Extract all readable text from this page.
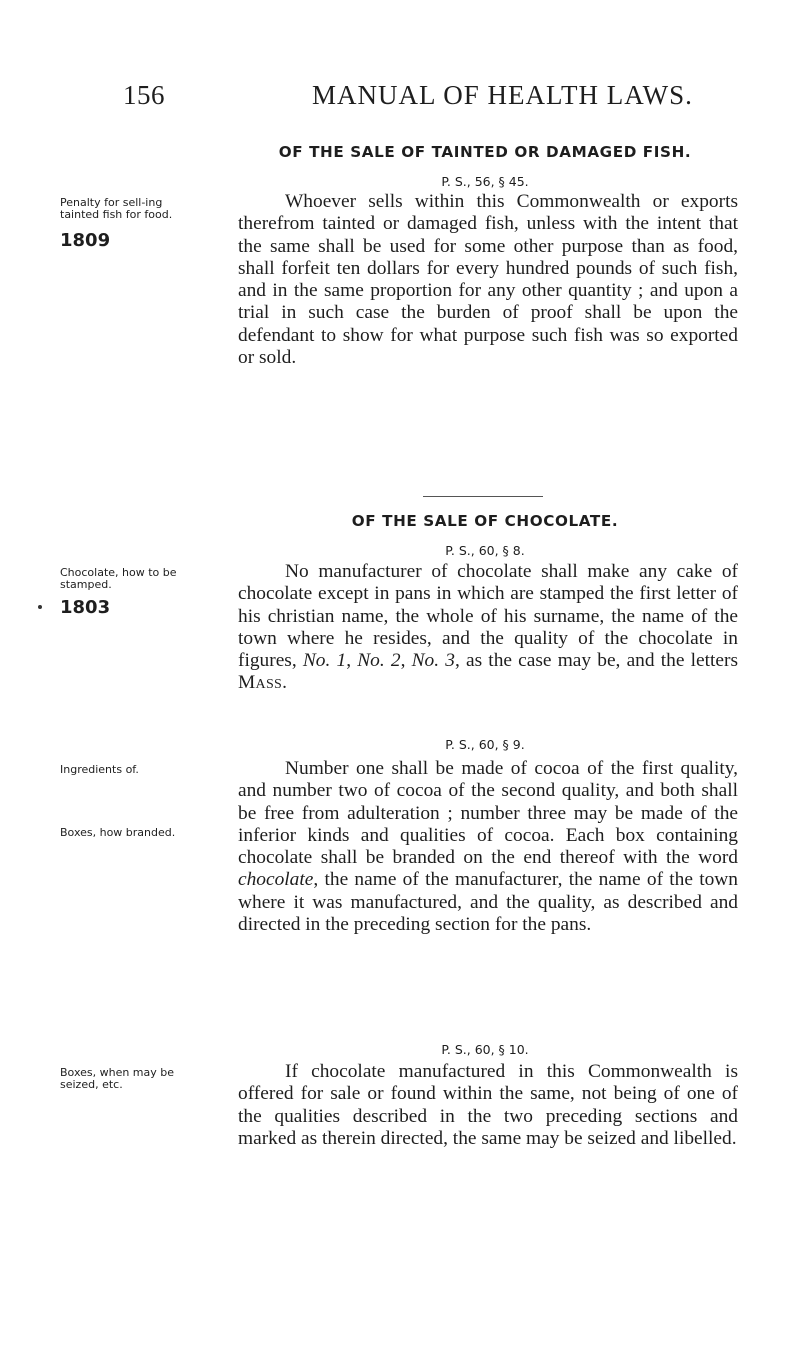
156	MANUAL OF HEALTH LAWS.
OF THE SALE OF TAINTED OR DAMAGED FISH.
P. S., 56, § 45.
Penalty for sell-ing tainted fish for food.
1809

Whoever sells within this Commonwealth or exports therefrom tainted or damaged fish, unless with the intent that the same shall be used for some other purpose than as food, shall forfeit ten dollars for every hundred pounds of such fish, and in the same proportion for any other quantity ; and upon a trial in such case the burden of proof shall be upon the defendant to show for what purpose such fish was so exported or sold.

OF THE SALE OF CHOCOLATE.
P. S., 60, § 8.
Chocolate, how to be stamped.
1803

No manufacturer of chocolate shall make any cake of chocolate except in pans in which are stamped the first letter of his christian name, the whole of his surname, the name of the town where he resides, and the quality of the chocolate in figures, No. 1, No. 2, No. 3, as the case may be, and the letters Mass.

P. S., 60, § 9.
Ingredients of.
Boxes, how branded.

Number one shall be made of cocoa of the first quality, and number two of cocoa of the second quality, and both shall be free from adulteration ; number three may be made of the inferior kinds and qualities of cocoa. Each box containing chocolate shall be branded on the end thereof with the word chocolate, the name of the manufacturer, the name of the town where it was manufactured, and the quality, as described and directed in the preceding section for the pans.

P. S., 60, § 10.
Boxes, when may be seized, etc.

If chocolate manufactured in this Commonwealth is offered for sale or found within the same, not being of one of the qualities described in the two preceding sections and marked as therein directed, the same may be seized and libelled.
